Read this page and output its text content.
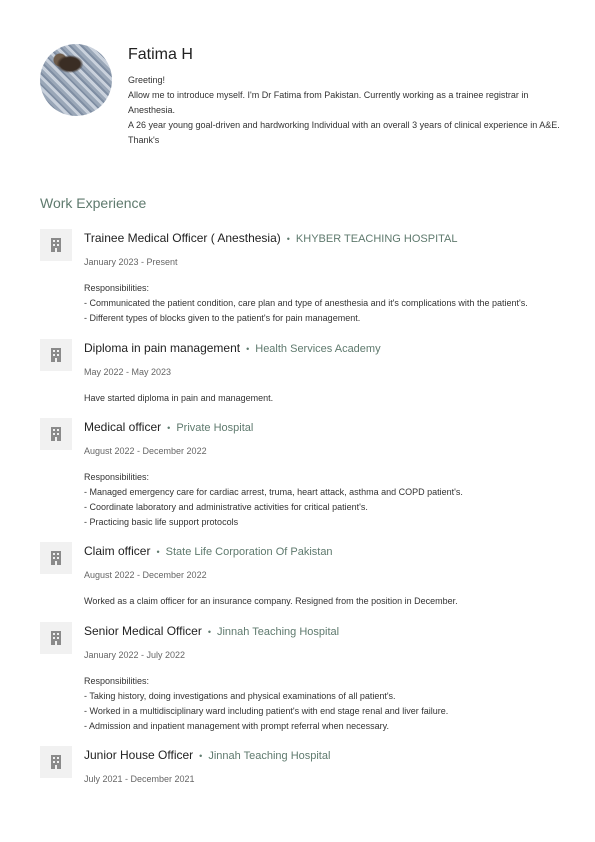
Fatima H
Greeting!
Allow me to introduce myself. I'm Dr Fatima from Pakistan. Currently working as a trainee registrar in Anesthesia.
A 26 year young goal-driven and hardworking Individual with an overall 3 years of clinical experience in A&E.
Thank's
Work Experience
Trainee Medical Officer ( Anesthesia) • KHYBER TEACHING HOSPITAL
January 2023 - Present
Responsibilities:
- Communicated the patient condition, care plan and type of anesthesia and it's complications with the patient's.
- Different types of blocks given to the patient's for pain management.
Diploma in pain management • Health Services Academy
May 2022 - May 2023
Have started diploma in pain and management.
Medical officer • Private Hospital
August 2022 - December 2022
Responsibilities:
- Managed emergency care for cardiac arrest, truma, heart attack, asthma and COPD patient's.
- Coordinate laboratory and administrative activities for critical patient's.
- Practicing basic life support protocols
Claim officer • State Life Corporation Of Pakistan
August 2022 - December 2022
Worked as a claim officer for an insurance company. Resigned from the position in December.
Senior Medical Officer • Jinnah Teaching Hospital
January 2022 - July 2022
Responsibilities:
- Taking history, doing investigations and physical examinations of all patient's.
- Worked in a multidisciplinary ward including patient's with end stage renal and liver failure.
- Admission and inpatient management with prompt referral when necessary.
Junior House Officer • Jinnah Teaching Hospital
July 2021 - December 2021
